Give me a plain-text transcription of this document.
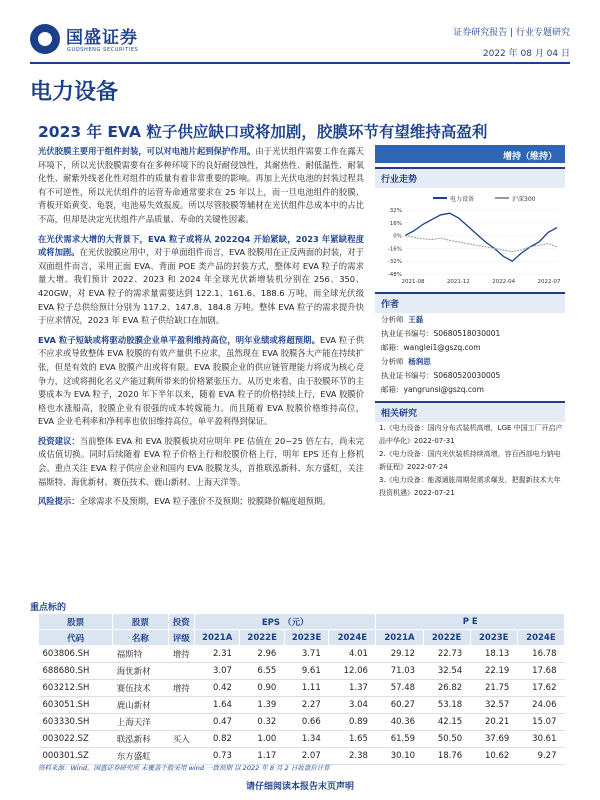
国盛证券
GUOSHENG SECURITIES
证券研究报告 | 行业专题研究
2022 年 08 月 04 日
电力设备
2023 年 EVA 粒子供应缺口或将加剧，胶膜环节有望维持高盈利

光伏胶膜主要用于组件封装，可以对电池片起到保护作用。由于光伏组件需要工作在露天环境下，所以光伏胶膜需要有在多种环境下的良好耐侵蚀性，其耐热性、耐低温性、耐氧化性、耐紫外线老化性对组件的质量有着非常重要的影响。再加上光伏电池的封装过程具有不可逆性，所以光伏组件的运营寿命通常要求在 25 年以上，而一旦电池组件的胶膜、背板开始黄变、龟裂，电池易失效报废。所以尽管胶膜等辅材在光伏组件总成本中的占比不高，但却是决定光伏组件产品质量、寿命的关键性因素。

在光伏需求大增的大背景下，EVA 粒子或将从 2022Q4 开始紧缺，2023 年紧缺程度或将加剧。在光伏胶膜应用中，对于单面组件而言，EVA 胶膜用在正反两面的封装，对于双面组件而言，采用正面 EVA、背面 POE 类产品的封装方式，整体对 EVA 粒子的需求量大增。我们预计 2022、2023 和 2024 年全球光伏新增装机分别在 256、350、420GW，对 EVA 粒子的需求量需要达到 122.1、161.6、188.6 万吨，而全球光伏级 EVA 粒子总供给预计分别为 117.2、147.8、184.8 万吨。整体 EVA 粒子的需求提升快于应求情况，2023 年 EVA 粒子供给缺口在加剧。

EVA 粒子短缺或将驱动胶膜企业单平盈利维持高位，明年业绩或将超预期。EVA 粒子供不应求或导致整体 EVA 胶膜的有效产量供不应求，虽然现在 EVA 胶膜各大产能在持续扩张，但是有效的 EVA 胶膜产出或将有限。EVA 胶膜企业的供应链管理能力将成为核心竞争力，这或将拥化名义产能过剩所带来的价格紧张压力。从历史来看，由于胶膜环节的主要成本为 EVA 粒子，2020 年下半年以来，随着 EVA 粒子的价格持续上行，EVA 胶膜价格也水涨船高，胶膜企业有很强的成本转嫁能力。而且随着 EVA 胶膜价格维持高位，EVA 企业毛利率和净利率也依旧维持高位，单平盈利得到保证。

投资建议：当前整体 EVA 和 EVA 胶膜板块对应明年 PE 估值在 20~25 倍左右，尚未完成估值切换。同时后续随着 EVA 粒子价格上行和胶膜价格上行，明年 EPS 还有上修机会。重点关注 EVA 粒子供应企业和国内 EVA 胶膜龙头，首推联泓新科、东方盛虹，关注福斯特、海优新材、赛伍技术、鹿山新材、上海天洋等。

风险提示：全球需求不及预期，EVA 粒子涨价不及预期；胶膜降价幅度超预期。

增持（维持）
行业走势
电力设备	沪深300
32%
16%
0%
-16%
-32%
-48%
2021-08	2021-12	2022-04	2022-07
作者
分析师 王磊
执业证书编号：S0680518030001
邮箱：wanglei1@gszq.com
分析师 杨润思
执业证书编号：S0680520030005
邮箱：yangrunsi@gszq.com
相关研究
1.《电力设备：国内分布式装机高增，LGE 中国工厂开启产品中华化》2022-07-31
2.《电力设备：国内光伏装机持续高增，容百西部电力钠电新征程》2022-07-24
3.《电力设备：能源通胀周期促需求爆发，把握新技术大年投资机遇》2022-07-21
重点标的
股票	股票	投资	EPS （元）				P E			
代码	名称	评级	2021A	2022E	2023E	2024E	2021A	2022E	2023E	2024E
603806.SH	福斯特	增持	2.31	2.96	3.71	4.01	29.12	22.73	18.13	16.78
688680.SH	海优新材		3.07	6.55	9.61	12.06	71.03	32.54	22.19	17.68
603212.SH	赛伍技术	增持	0.42	0.90	1.11	1.37	57.48	26.82	21.75	17.62
603051.SH	鹿山新材		1.64	1.39	2.27	3.04	60.27	53.18	32.57	24.06
603330.SH	上海天洋		0.47	0.32	0.66	0.89	40.36	42.15	20.21	15.07
003022.SZ	联泓新科	买入	0.82	1.00	1.34	1.65	61.59	50.50	37.69	30.61
000301.SZ	东方盛虹		0.73	1.17	2.07	2.38	30.10	18.76	10.62	9.27
资料来源：Wind，国盛证券研究所 未覆盖个股采用 wind 一致预期 以 2022 年 8 月 2 日收盘价计算
请仔细阅读本报告末页声明
